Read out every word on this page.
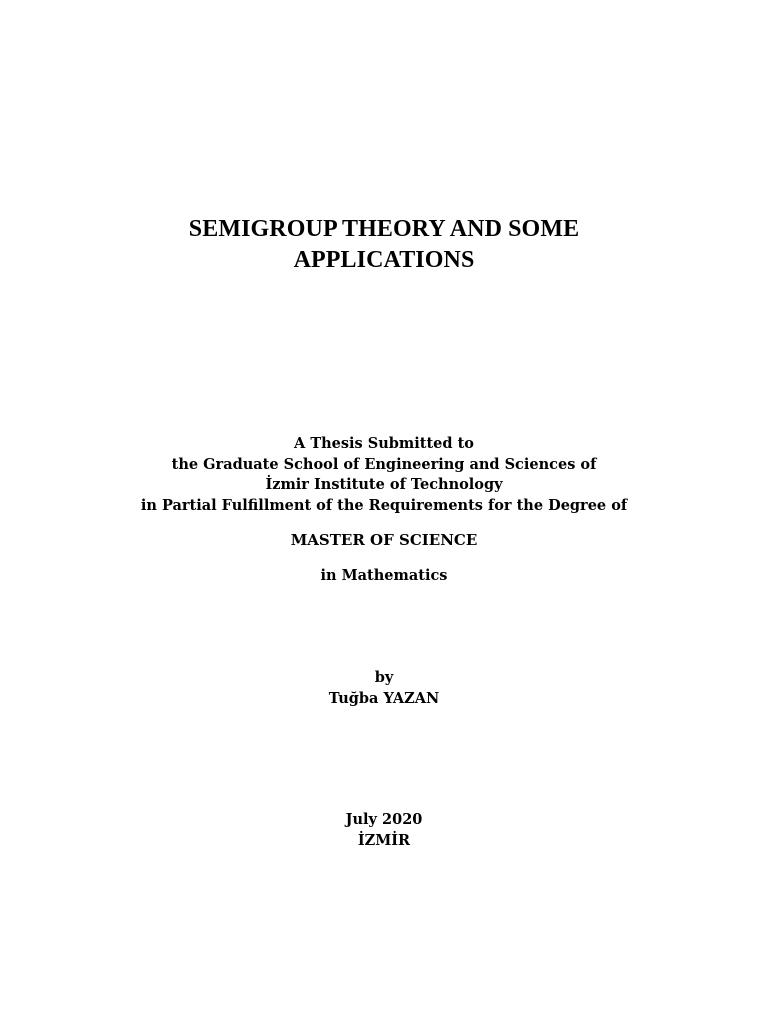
SEMIGROUP THEORY AND SOME
APPLICATIONS
A Thesis Submitted to
the Graduate School of Engineering and Sciences of
İzmir Institute of Technology
in Partial Fulfillment of the Requirements for the Degree of
MASTER OF SCIENCE
in Mathematics
by
Tuğba YAZAN
July 2020
İZMİR
